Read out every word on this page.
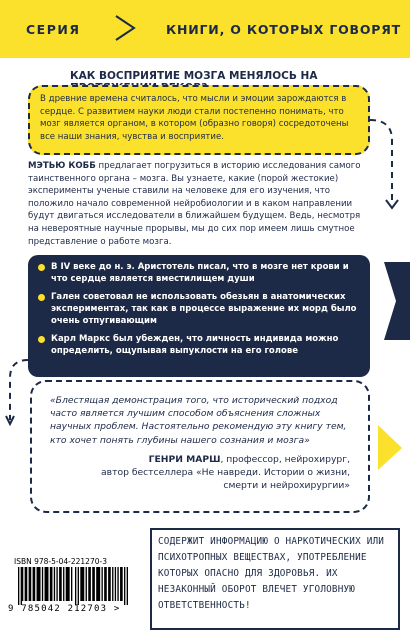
СЕРИЯ	КНИГИ, О КОТОРЫХ ГОВОРЯТ
КАК ВОСПРИЯТИЕ МОЗГА МЕНЯЛОСЬ НА

В древние времена считалось, что мысли и эмоции зарождаются в сердце. С развитием науки люди стали постепенно понимать, что мозг является органом, в котором (образно говоря) сосредоточены все наши знания, чувства и восприятие.

МЭТЬЮ КОББ предлагает погрузиться в историю исследования самого таинственного органа – мозга. Вы узнаете, какие (порой жестокие) эксперименты ученые ставили на человеке для его изучения, что положило начало современной нейробиологии и в каком направлении будут двигаться исследователи в ближайшем будущем. Ведь, несмотря на невероятные научные прорывы, мы до сих пор имеем лишь смутное представление о работе мозга.
В IV веке до н. э. Аристотель писал, что в мозге нет крови и что сердце является вместилищем души
Гален советовал не использовать обезьян в анатомических экспериментах, так как в процессе выражение их морд было очень отпугивающим
Карл Маркс был убежден, что личность индивида можно определить, ощупывая выпуклости на его голове

«Блестящая демонстрация того, что исторический подход часто является лучшим способом объяснения сложных научных проблем. Настоятельно рекомендую эту книгу тем, кто хочет понять глубины нашего сознания и мозга»

ГЕНРИ МАРШ, профессор, нейрохирург,
автор бестселлера «Не навреди. Истории о жизни,
смерти и нейрохирургии»
ISBN 978-5-04-221270-3
9 785042 212703 >

СОДЕРЖИТ ИНФОРМАЦИЮ О НАРКОТИЧЕСКИХ ИЛИ ПСИХОТРОПНЫХ ВЕЩЕСТВАХ, УПОТРЕБЛЕНИЕ КОТОРЫХ ОПАСНО ДЛЯ ЗДОРОВЬЯ. ИХ НЕЗАКОННЫЙ ОБОРОТ ВЛЕЧЕТ УГОЛОВНУЮ ОТВЕТСТВЕННОСТЬ!
